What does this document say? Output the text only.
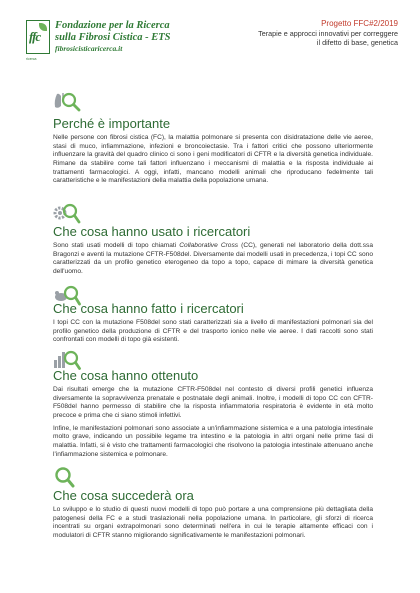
ffc
ricerca
Fondazione per la Ricerca
sulla Fibrosi Cistica - ETS
fibrosicisticaricerca.it
Progetto FFC#2/2019
Terapie e approcci innovativi per correggere
il difetto di base, genetica
Perché è importante

Nelle persone con fibrosi cistica (FC), la malattia polmonare si presenta con disidratazione delle vie aeree, stasi di muco, infiammazione, infezioni e broncoiectasie. Tra i fattori critici che possono ulteriormente influenzare la gravità del quadro clinico ci sono i geni modificatori di CFTR e la diversità genetica individuale. Rimane da stabilire come tali fattori influenzano i meccanismi di malattia e la risposta individuale ai trattamenti farmacologici. A oggi, infatti, mancano modelli animali che riproducano fedelmente tali caratteristiche e le manifestazioni della malattia della popolazione umana.

Che cosa hanno usato i ricercatori

Sono stati usati modelli di topo chiamati Collaborative Cross (CC), generati nel laboratorio della dott.ssa Bragonzi e aventi la mutazione CFTR-F508del. Diversamente dai modelli usati in precedenza, i topi CC sono caratterizzati da un profilo genetico eterogeneo da topo a topo, capace di mimare la diversità genetica dell'uomo.

Che cosa hanno fatto i ricercatori

I topi CC con la mutazione F508del sono stati caratterizzati sia a livello di manifestazioni polmonari sia del profilo genetico della produzione di CFTR e del trasporto ionico nelle vie aeree. I dati raccolti sono stati confrontati con modelli di topo già esistenti.

Che cosa hanno ottenuto

Dai risultati emerge che la mutazione CFTR-F508del nel contesto di diversi profili genetici influenza diversamente la sopravvivenza prenatale e postnatale degli animali. Inoltre, i modelli di topo CC con CFTR-F508del hanno permesso di stabilire che la risposta infiammatoria respiratoria è evidente in età molto precoce e prima che ci siano stimoli infettivi.

Infine, le manifestazioni polmonari sono associate a un'infiammazione sistemica e a una patologia intestinale molto grave, indicando un possibile legame tra intestino e la patologia in altri organi nelle prime fasi di malattia. Infatti, si è visto che trattamenti farmacologici che risolvono la patologia intestinale attenuano anche l'infiammazione sistemica e polmonare.

Che cosa succederà ora

Lo sviluppo e lo studio di questi nuovi modelli di topo può portare a una comprensione più dettagliata della patogenesi della FC e a studi traslazionali nella popolazione umana. In particolare, gli sforzi di ricerca incentrati su organi extrapolmonari sono determinati nell'era in cui le terapie altamente efficaci con i modulatori di CFTR stanno migliorando significativamente le manifestazioni polmonari.
